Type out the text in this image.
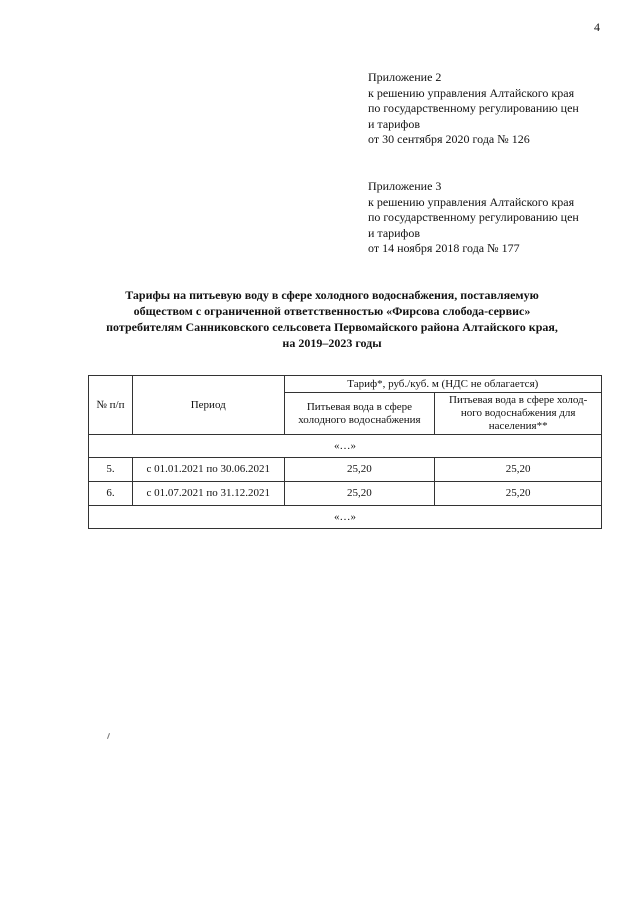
4
Приложение 2
к решению управления Алтайского края
по государственному регулированию цен
и тарифов
от 30 сентября 2020 года № 126
Приложение 3
к решению управления Алтайского края
по государственному регулированию цен
и тарифов
от 14 ноября 2018 года № 177
Тарифы на питьевую воду в сфере холодного водоснабжения, поставляемую
обществом с ограниченной ответственностью «Фирсова слобода-сервис»
потребителям Санниковского сельсовета Первомайского района Алтайского края,
на 2019–2023 годы
№ п/п	Период	Тариф*, руб./куб. м (НДС не облагается)	
		Питьевая вода в сфере холодного водоснабжения	Питьевая вода в сфере холод-ного водоснабжения для населения**
«…»			
5.	с 01.01.2021 по 30.06.2021	25,20	25,20
6.	с 01.07.2021 по 31.12.2021	25,20	25,20
«…»			
